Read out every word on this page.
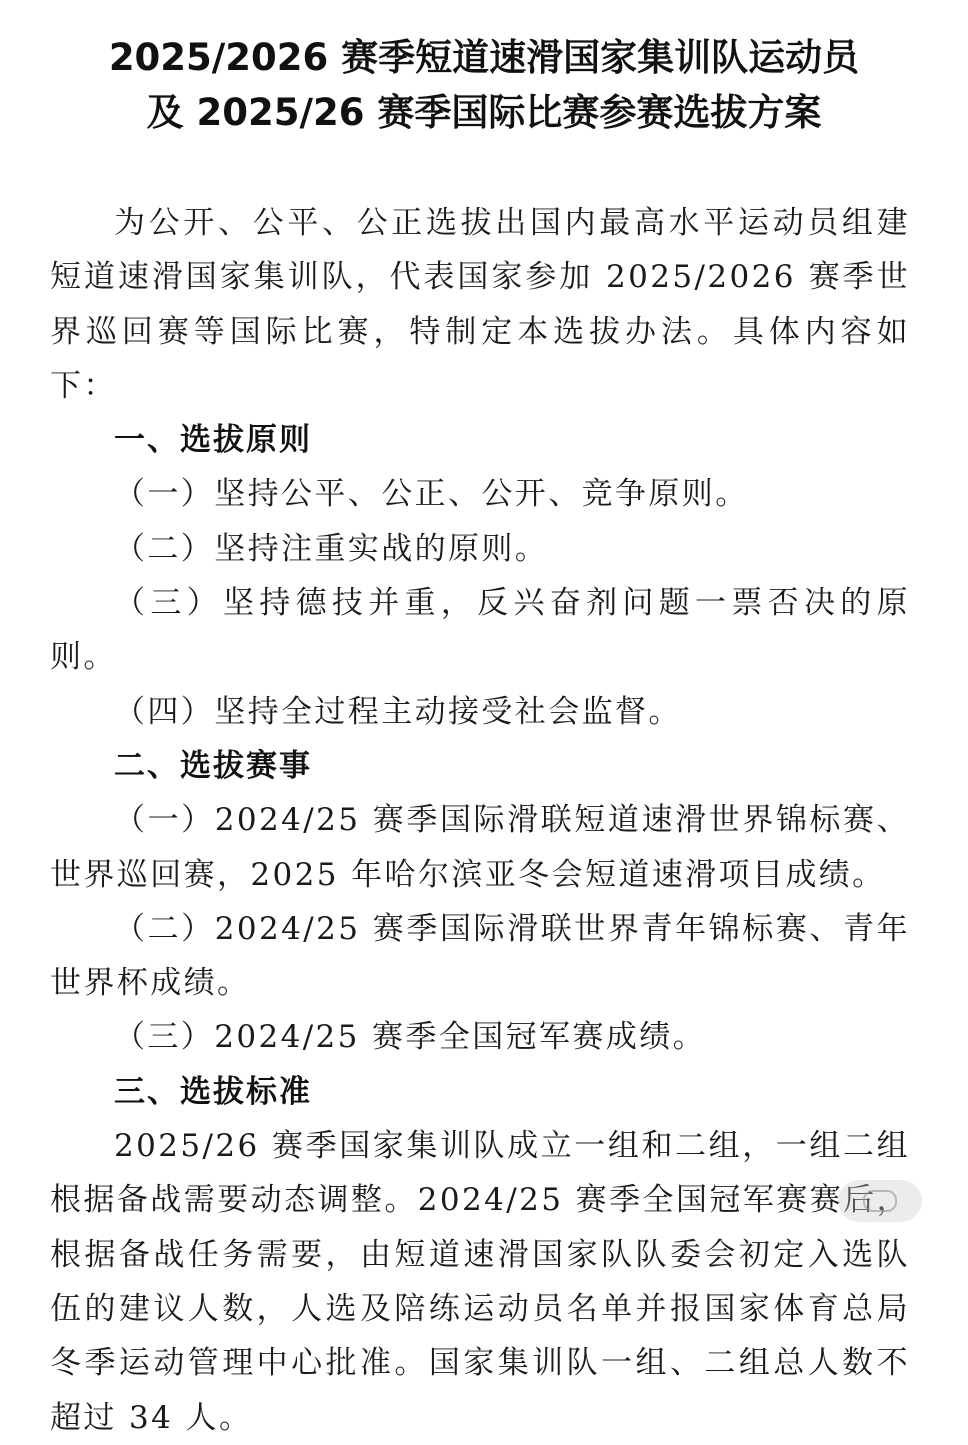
2025/2026 赛季短道速滑国家集训队运动员
及 2025/26 赛季国际比赛参赛选拔方案

为公开、公平、公正选拔出国内最高水平运动员组建短道速滑国家集训队，代表国家参加 2025/2026 赛季世界巡回赛等国际比赛，特制定本选拔办法。具体内容如下：

一、选拔原则

（一）坚持公平、公正、公开、竞争原则。

（二）坚持注重实战的原则。

（三）坚持德技并重，反兴奋剂问题一票否决的原则。

（四）坚持全过程主动接受社会监督。

二、选拔赛事

（一）2024/25 赛季国际滑联短道速滑世界锦标赛、世界巡回赛，2025 年哈尔滨亚冬会短道速滑项目成绩。

（二）2024/25 赛季国际滑联世界青年锦标赛、青年世界杯成绩。

（三）2024/25 赛季全国冠军赛成绩。

三、选拔标准

2025/26 赛季国家集训队成立一组和二组，一组二组根据备战需要动态调整。2024/25 赛季全国冠军赛赛后，根据备战任务需要，由短道速滑国家队队委会初定入选队伍的建议人数，人选及陪练运动员名单并报国家体育总局冬季运动管理中心批准。国家集训队一组、二组总人数不超过 34 人。
